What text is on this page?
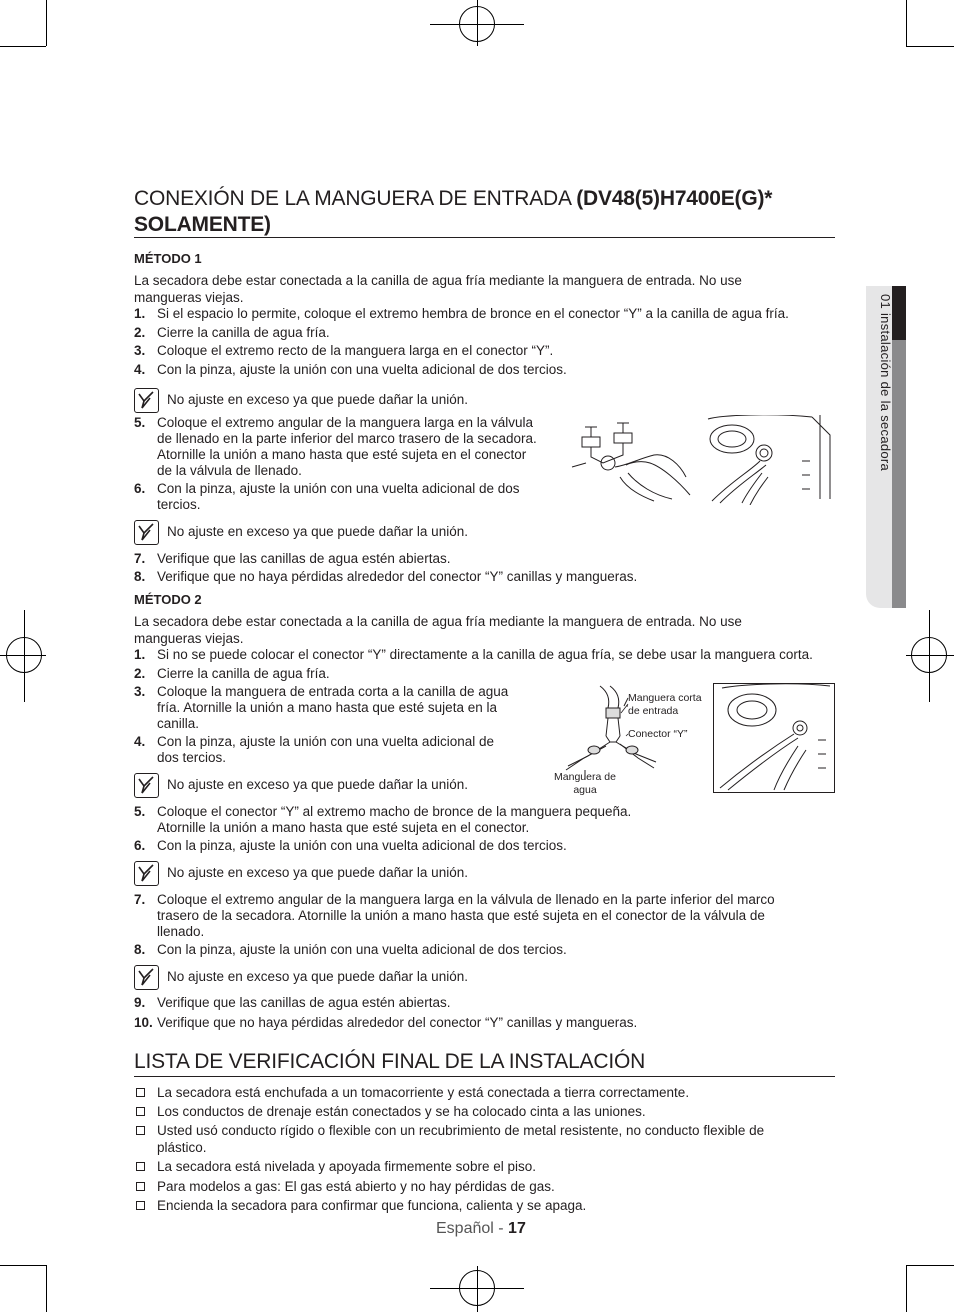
01 instalación de la secadora
CONEXIÓN DE LA MANGUERA DE ENTRADA (DV48(5)H7400E(G)*
SOLAMENTE)
MÉTODO 1
La secadora debe estar conectada a la canilla de agua fría mediante la manguera de entrada. No use
mangueras viejas.
1. Si el espacio lo permite, coloque el extremo hembra de bronce en el conector “Y” a la canilla de agua fría.
2. Cierre la canilla de agua fría.
3. Coloque el extremo recto de la manguera larga en el conector “Y”.
4. Con la pinza, ajuste la unión con una vuelta adicional de dos tercios.
No ajuste en exceso ya que puede dañar la unión.
5. Coloque el extremo angular de la manguera larga en la válvula
de llenado en la parte inferior del marco trasero de la secadora.
Atornille la unión a mano hasta que esté sujeta en el conector
de la válvula de llenado.
6. Con la pinza, ajuste la unión con una vuelta adicional de dos
tercios.
No ajuste en exceso ya que puede dañar la unión.
7. Verifique que las canillas de agua estén abiertas.
8. Verifique que no haya pérdidas alrededor del conector “Y” canillas y mangueras.
MÉTODO 2
La secadora debe estar conectada a la canilla de agua fría mediante la manguera de entrada. No use
mangueras viejas.
1. Si no se puede colocar el conector “Y” directamente a la canilla de agua fría, se debe usar la manguera corta.
2. Cierre la canilla de agua fría.
3. Coloque la manguera de entrada corta a la canilla de agua
fría. Atornille la unión a mano hasta que esté sujeta en la
canilla.
4. Con la pinza, ajuste la unión con una vuelta adicional de
dos tercios.
Manguera corta
de entrada
Conector “Y”
Manguera de
agua
No ajuste en exceso ya que puede dañar la unión.
5. Coloque el conector “Y” al extremo macho de bronce de la manguera pequeña.
Atornille la unión a mano hasta que esté sujeta en el conector.
6. Con la pinza, ajuste la unión con una vuelta adicional de dos tercios.
No ajuste en exceso ya que puede dañar la unión.
7. Coloque el extremo angular de la manguera larga en la válvula de llenado en la parte inferior del marco
trasero de la secadora. Atornille la unión a mano hasta que esté sujeta en el conector de la válvula de
llenado.
8. Con la pinza, ajuste la unión con una vuelta adicional de dos tercios.
No ajuste en exceso ya que puede dañar la unión.
9. Verifique que las canillas de agua estén abiertas.
10. Verifique que no haya pérdidas alrededor del conector “Y” canillas y mangueras.
LISTA DE VERIFICACIÓN FINAL DE LA INSTALACIÓN
La secadora está enchufada a un tomacorriente y está conectada a tierra correctamente.
Los conductos de drenaje están conectados y se ha colocado cinta a las uniones.
Usted usó conducto rígido o flexible con un recubrimiento de metal resistente, no conducto flexible de
plástico.
La secadora está nivelada y apoyada firmemente sobre el piso.
Para modelos a gas: El gas está abierto y no hay pérdidas de gas.
Encienda la secadora para confirmar que funciona, calienta y se apaga.
Español - 17
